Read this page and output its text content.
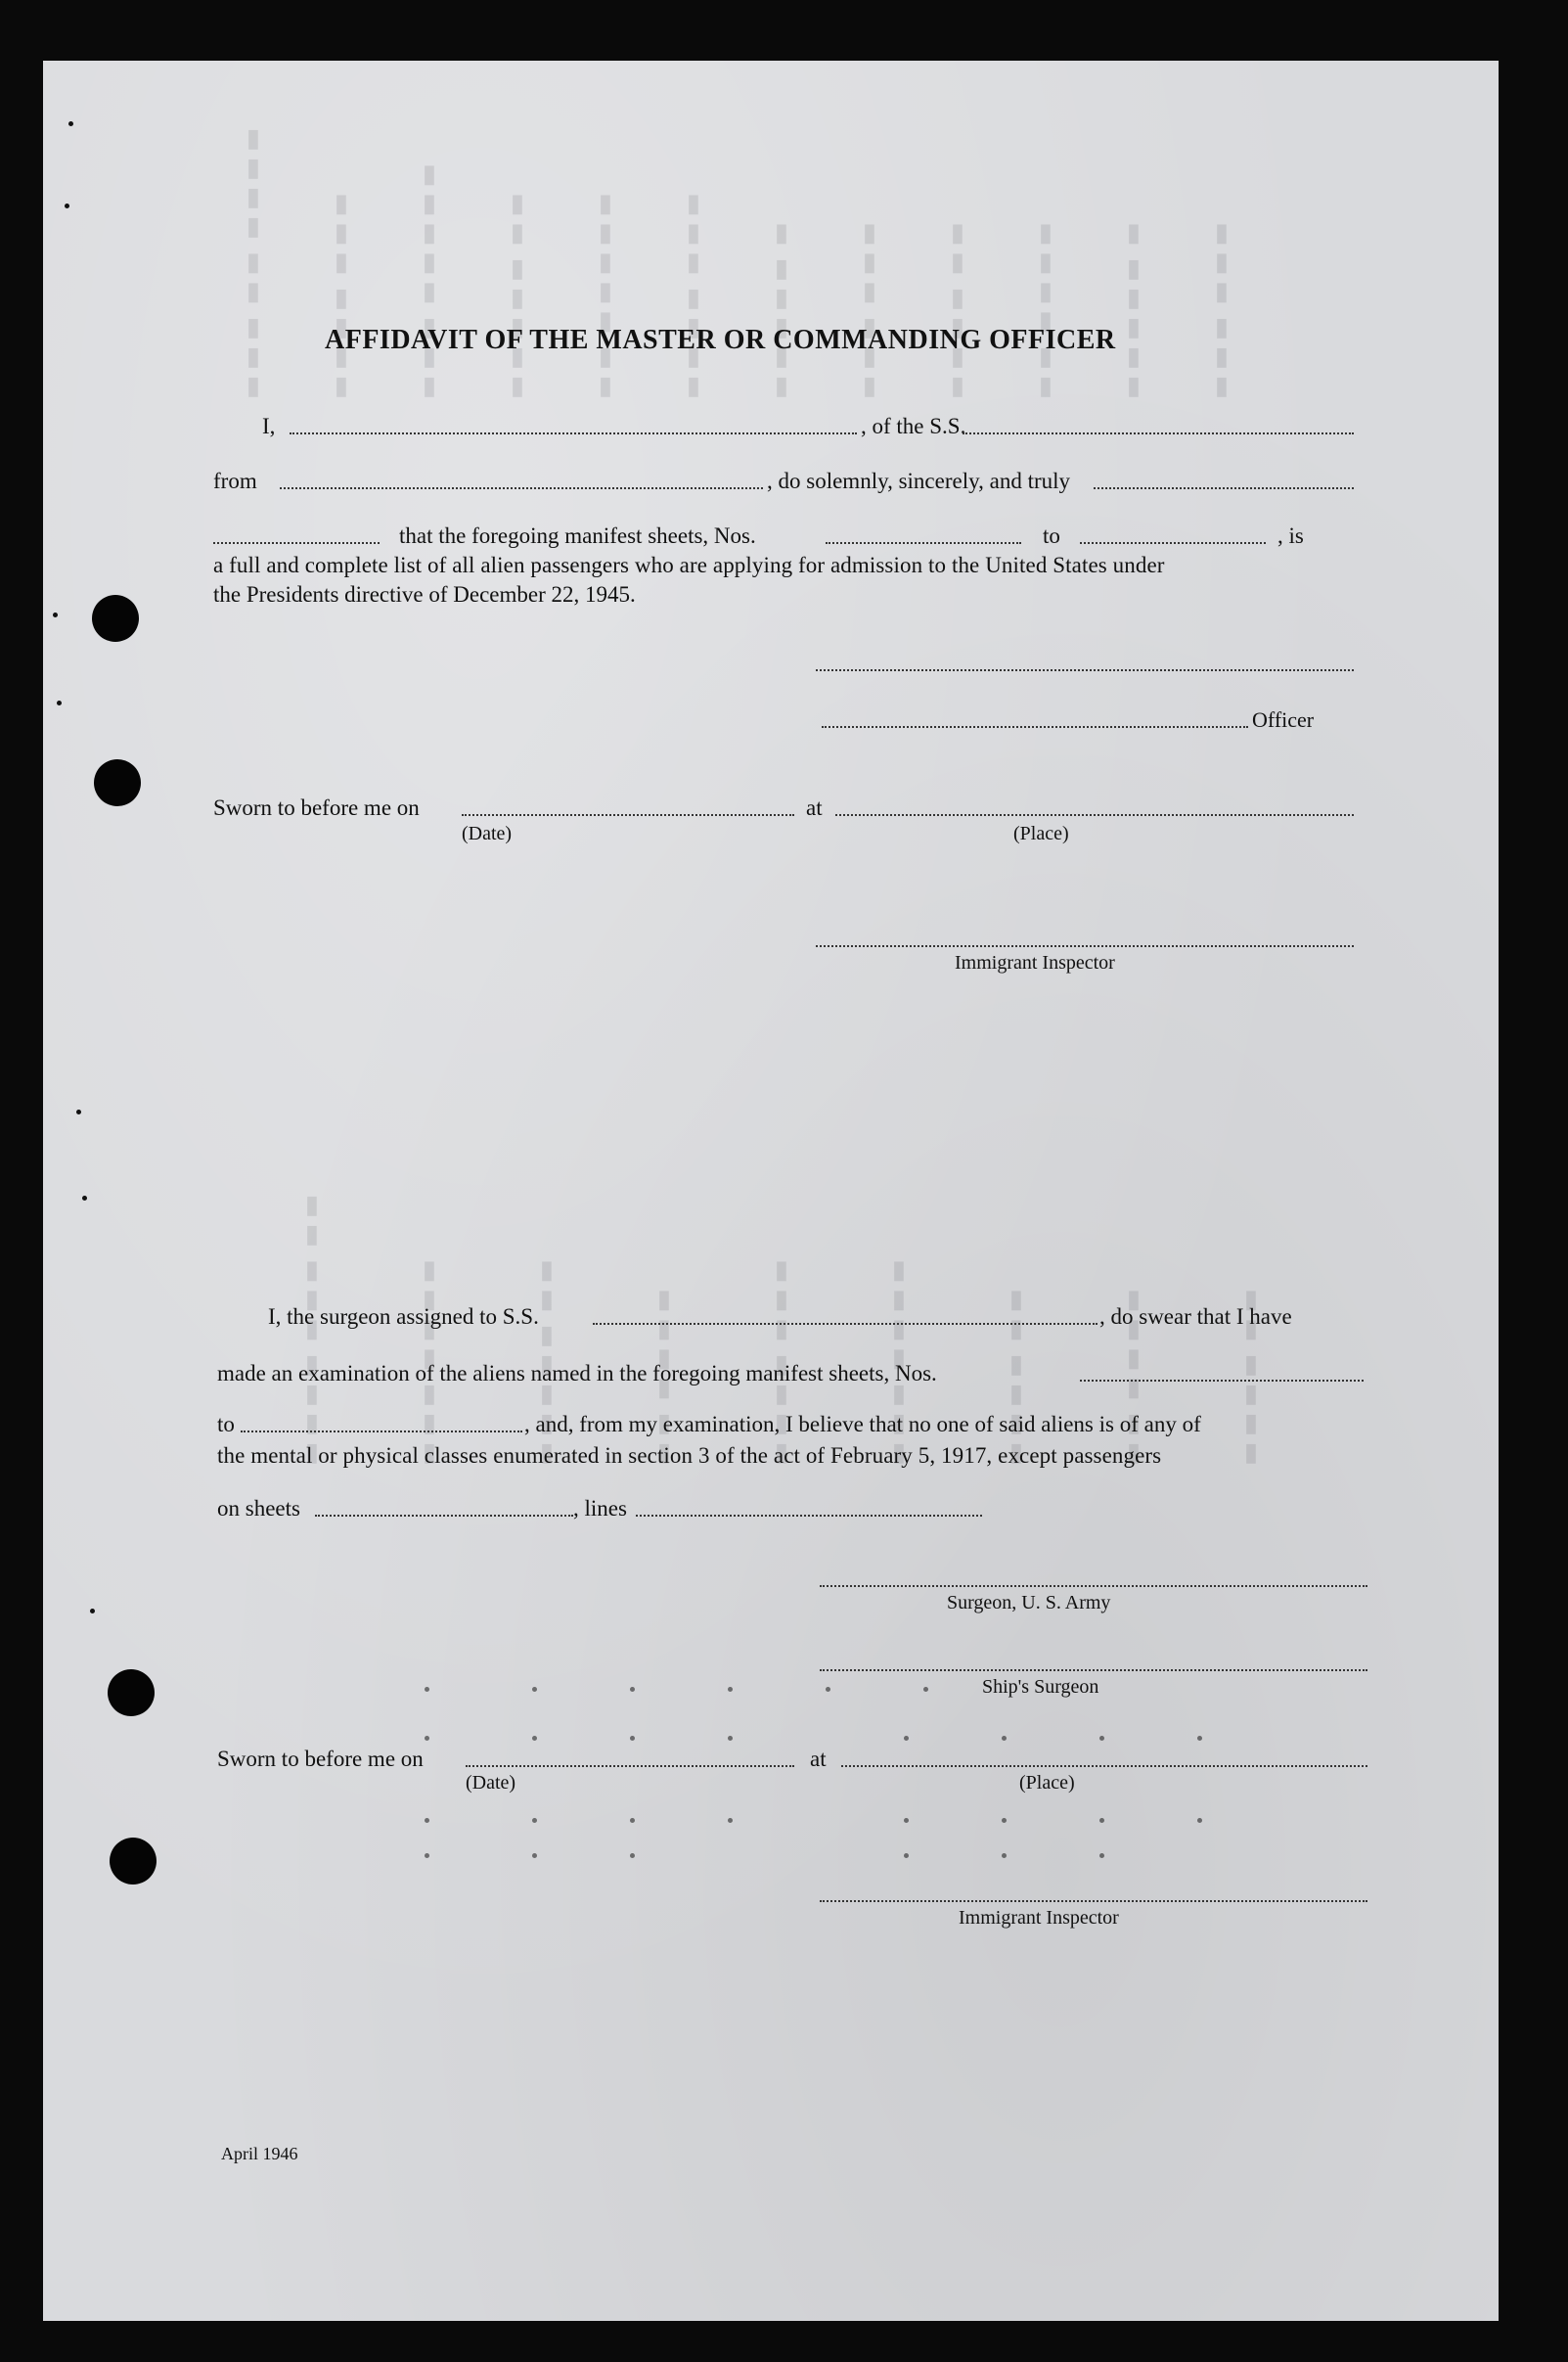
▮▮▮ ▮▮ ▮▮▮▮ ▮▮▮▮ ▮▮▮ ▮▮▮ ▮▮▮▮▮ ▮▮▮▮▮ ▮▮ ▮▮ ▮▮▮▮▮ ▮▮▮▮ ▮▮▮ ▮▮▮▮▮ ▮ ▮▮▮ ▮▮▮ ▮▮▮▮ ▮▮ ▮▮ ▮▮▮▮ ▮▮▮▮▮ ▮ ▮▮▮ ▮▮▮
▮▮▮▮ ▮▮▮ ▮▮	▮▮▮ ▮▮▮▮	▮▮▮▮▮ ▮▮	▮▮ ▮▮▮▮	▮▮▮▮ ▮▮▮	▮▮▮ ▮▮▮▮	▮▮▮▮ ▮▮	▮▮ ▮▮▮▮	▮▮▮▮ ▮▮
AFFIDAVIT OF THE MASTER OR COMMANDING OFFICER
I,	, of the S.S.
from	, do solemnly, sincerely, and truly
that the foregoing manifest sheets, Nos.	to	, is
a full and complete list of all alien passengers who are applying for admission to the United States under
the Presidents directive of December 22, 1945.
Officer
Sworn to before me on	at
(Date)	(Place)
Immigrant Inspector
I, the surgeon assigned to S.S.	, do swear that I have
made an examination of the aliens named in the foregoing manifest sheets, Nos.
to	, and, from my examination, I believe that no one of said aliens is of any of
the mental or physical classes enumerated in section 3 of the act of February 5, 1917, except passengers
on sheets	, lines
Surgeon, U. S. Army
Ship's Surgeon
Sworn to before me on	at
(Date)	(Place)
Immigrant Inspector
April 1946
